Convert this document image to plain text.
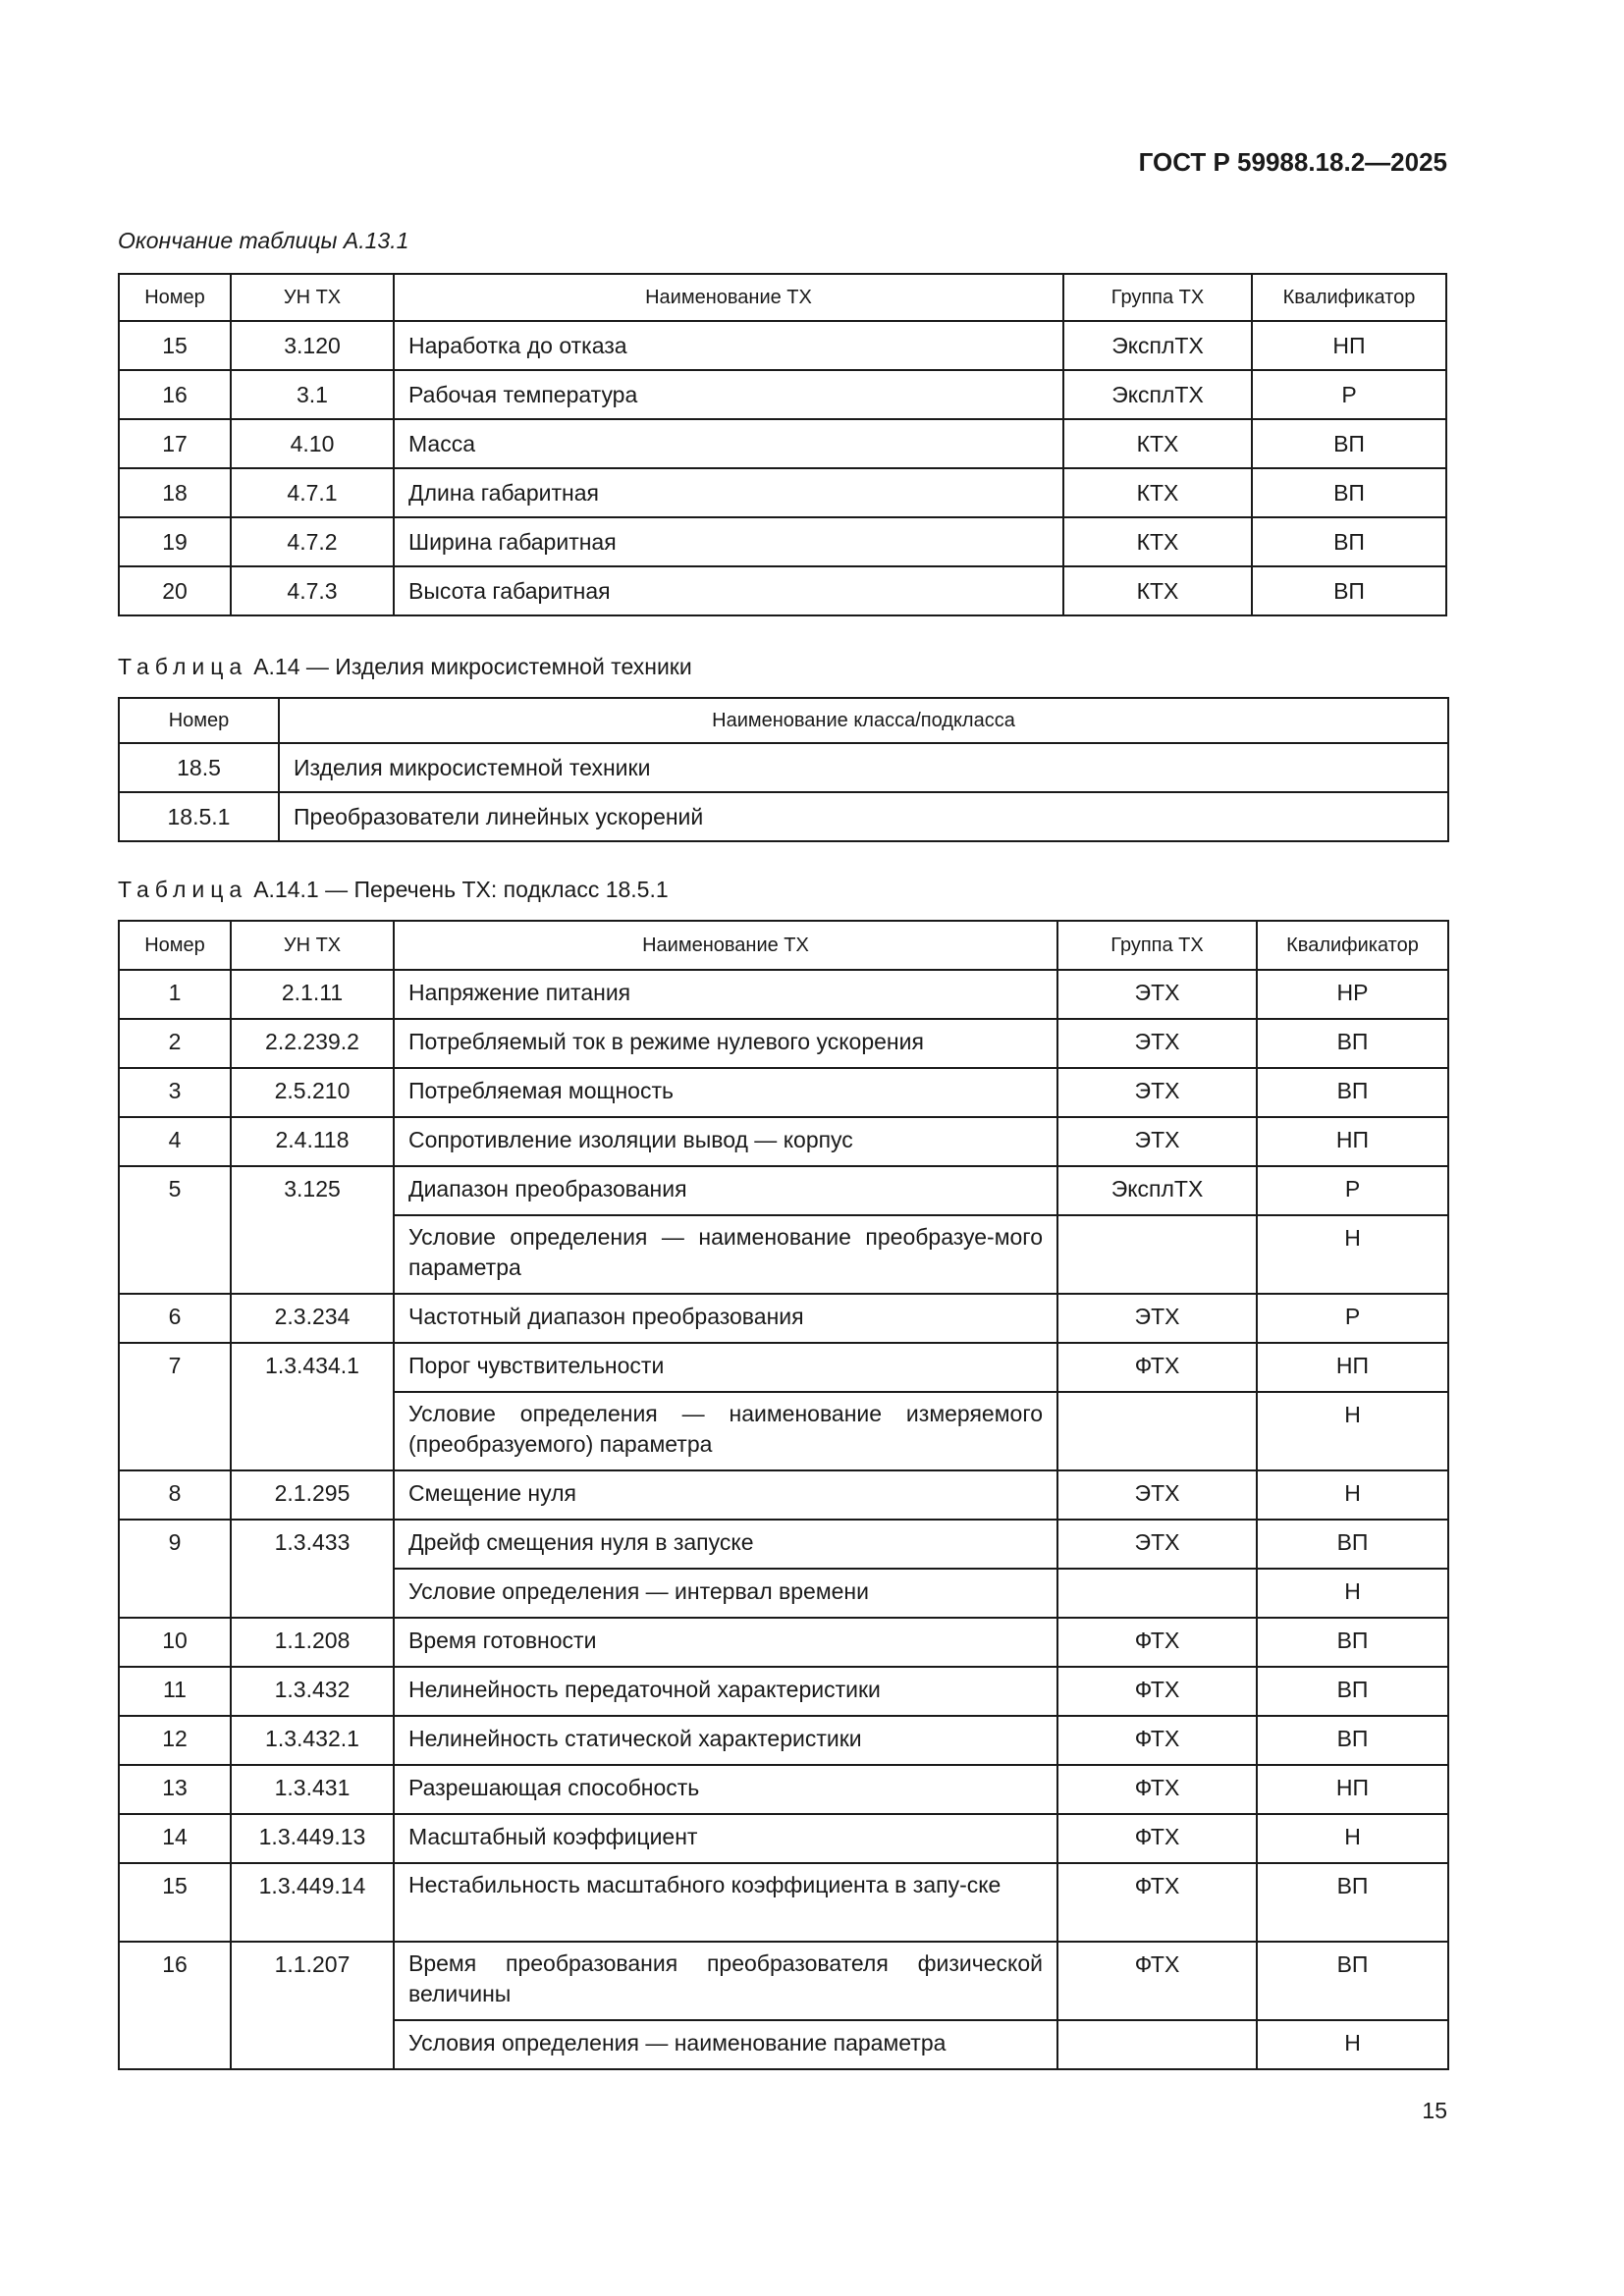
ГОСТ Р 59988.18.2—2025
Окончание таблицы А.13.1
Номер	УН ТХ	Наименование ТХ	Группа ТХ	Квалификатор
15	3.120	Наработка до отказа	ЭксплТХ	НП
16	3.1	Рабочая температура	ЭксплТХ	Р
17	4.10	Масса	КТХ	ВП
18	4.7.1	Длина габаритная	КТХ	ВП
19	4.7.2	Ширина габаритная	КТХ	ВП
20	4.7.3	Высота габаритная	КТХ	ВП
Таблица А.14 — Изделия микросистемной техники
Номер	Наименование класса/подкласса
18.5	Изделия микросистемной техники
18.5.1	Преобразователи линейных ускорений
Таблица А.14.1 — Перечень ТХ: подкласс 18.5.1
Номер	УН ТХ	Наименование ТХ	Группа ТХ	Квалификатор
1	2.1.11	Напряжение питания	ЭТХ	НР
2	2.2.239.2	Потребляемый ток в режиме нулевого ускорения	ЭТХ	ВП
3	2.5.210	Потребляемая мощность	ЭТХ	ВП
4	2.4.118	Сопротивление изоляции вывод — корпус	ЭТХ	НП
5	3.125	Диапазон преобразования	ЭксплТХ	Р
		Условие определения — наименование преобразуе-мого параметра		Н
6	2.3.234	Частотный диапазон преобразования	ЭТХ	Р
7	1.3.434.1	Порог чувствительности	ФТХ	НП
		Условие определения — наименование измеряемого (преобразуемого) параметра		Н
8	2.1.295	Смещение нуля	ЭТХ	Н
9	1.3.433	Дрейф смещения нуля в запуске	ЭТХ	ВП
		Условие определения — интервал времени		Н
10	1.1.208	Время готовности	ФТХ	ВП
11	1.3.432	Нелинейность передаточной характеристики	ФТХ	ВП
12	1.3.432.1	Нелинейность статической характеристики	ФТХ	ВП
13	1.3.431	Разрешающая способность	ФТХ	НП
14	1.3.449.13	Масштабный коэффициент	ФТХ	Н
15	1.3.449.14	Нестабильность масштабного коэффициента в запу-ске	ФТХ	ВП
16	1.1.207	Время преобразования преобразователя физической величины	ФТХ	ВП
		Условия определения — наименование параметра		Н
15
